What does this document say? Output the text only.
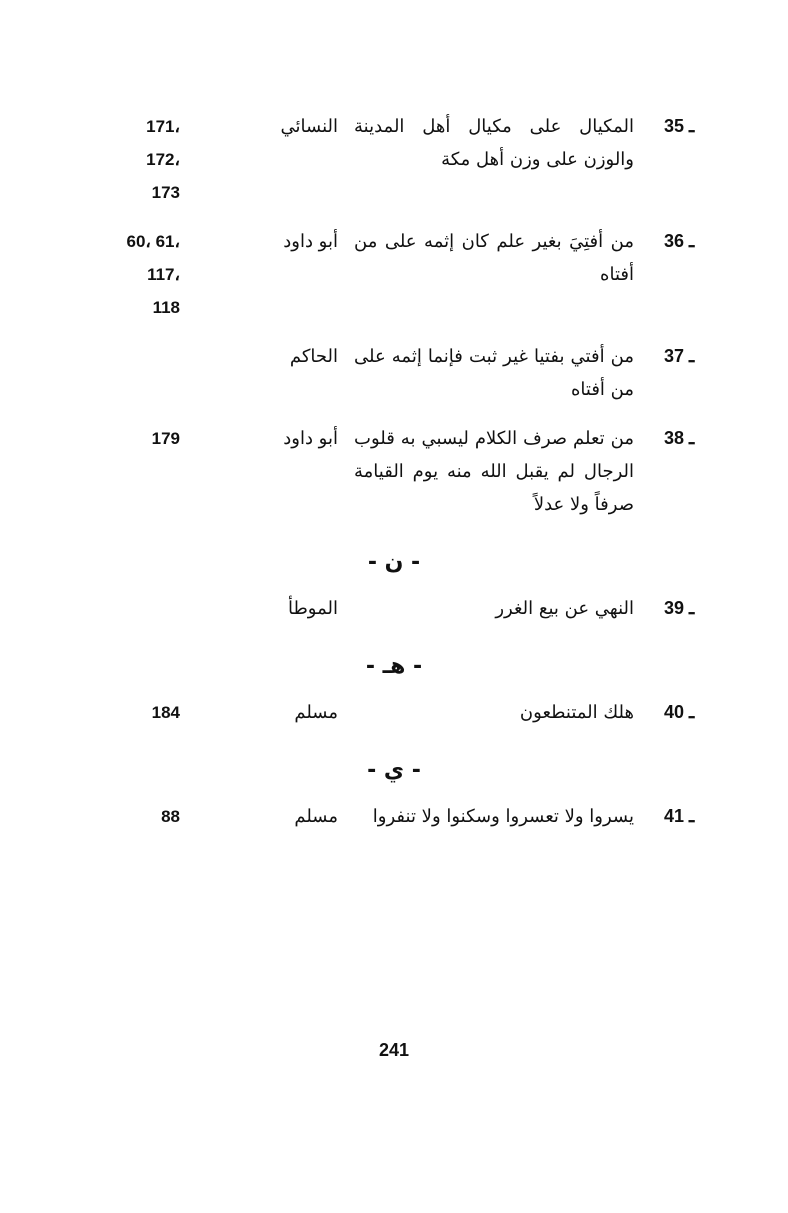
35 ـ
المكيال على مكيال أهل المدينة والوزن على وزن أهل مكة
النسائي
171،
172،
173
36 ـ
من أفتِيَ بغير علم كان إثمه على من أفتاه
أبو داود
60، 61،
117،
118
37 ـ
من أفتي بفتيا غير ثبت فإنما إثمه على من أفتاه
الحاكم
38 ـ
من تعلم صرف الكلام ليسبي به قلوب الرجال لم يقبل الله منه يوم القيامة صرفاً ولا عدلاً
أبو داود
179
- ن -
39 ـ
النهي عن بيع الغرر
الموطأ
- هـ -
40 ـ
هلك المتنطعون
مسلم
184
- ي -
41 ـ
يسروا ولا تعسروا وسكنوا ولا تنفروا
مسلم
88
241
